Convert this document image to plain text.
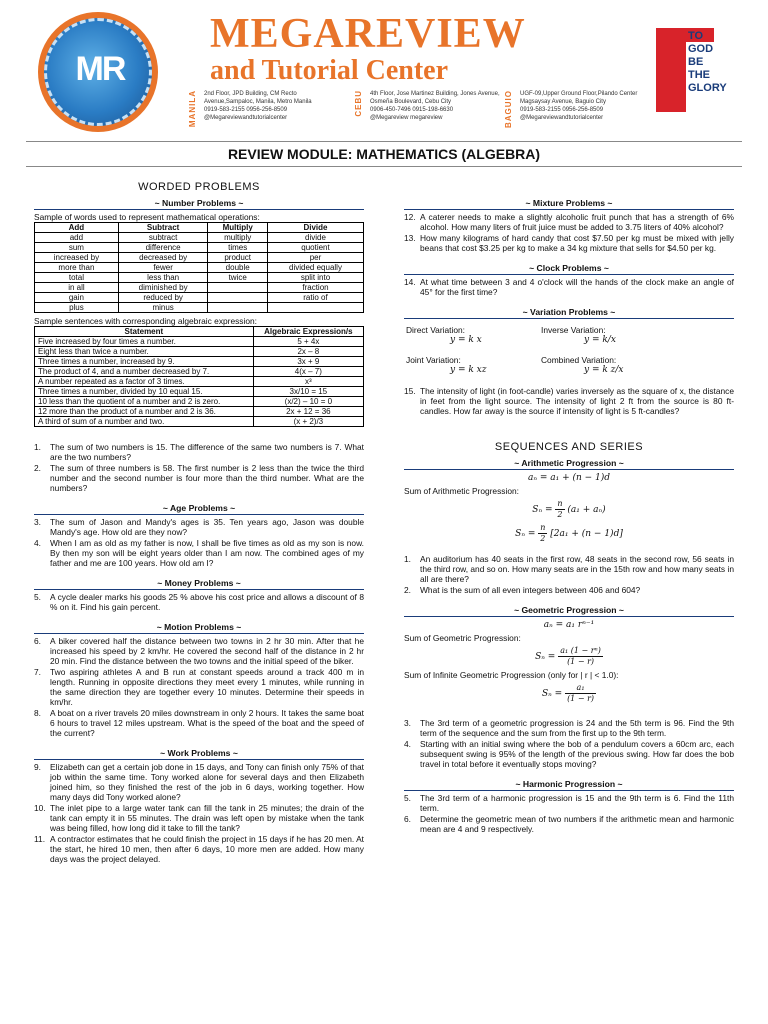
MR
MEGAREVIEW
and Tutorial Center
MANILA 2nd Floor, JPD Building, CM Recto Avenue,Sampaloc, Manila, Metro Manila
0919-583-2155 0956-256-8509
@Megareviewandtutorialcenter
CEBU 4th Floor, Jose Martinez Building, Jones Avenue, Osmeña Boulevard, Cebu City
0906-450-7496 0915-198-6630
@Megareview megareview	BAGUIO UGF-09,Upper Ground Floor,Pilando Center Magsaysay Avenue, Baguio City
0919-583-2155 0956-256-8509
@Megareviewandtutorialcenter
TO
GOD
BE
THE
GLORY
REVIEW MODULE: MATHEMATICS (ALGEBRA)
WORDED PROBLEMS
~ Number Problems ~

Sample of words used to represent mathematical operations:

Add	Subtract	Multiply	Divide
add	subtract	multiply	divide
sum	difference	times	quotient
increased by	decreased by	product	per
more than	fewer	double	divided equally
total	less than	twice	split into
in all	diminished by		fraction
gain	reduced by		ratio of
plus	minus		

Sample sentences with corresponding algebraic expression:

Statement	Algebraic Expression/s
Five increased by four times a number.	5 + 4x
Eight less than twice a number.	2x – 8
Three times a number, increased by 9.	3x + 9
The product of 4, and a number decreased by 7.	4(x – 7)
A number repeated as a factor of 3 times.	x³
Three times a number, divided by 10 equal 15.	3x/10 = 15
10 less than the quotient of a number and 2 is zero.	(x/2) – 10 = 0
12 more than the product of a number and 2 is 36.	2x + 12 = 36
A third of sum of a number and two.	(x + 2)/3
1.	The sum of two numbers is 15. The difference of the same two numbers is 7. What are the two numbers?
2.	The sum of three numbers is 58. The first number is 2 less than the twice the third number and the second number is four more than the third number. What are the numbers?
~ Age Problems ~
3.	The sum of Jason and Mandy's ages is 35. Ten years ago, Jason was double Mandy's age. How old are they now?
4.	When I am as old as my father is now, I shall be five times as old as my son is now. By then my son will be eight years older than I am now. The combined ages of my father and me are 100 years. How old am I?
~ Money Problems ~
5.	A cycle dealer marks his goods 25 % above his cost price and allows a discount of 8 % on it. Find his gain percent.
~ Motion Problems ~
6.	A biker covered half the distance between two towns in 2 hr 30 min. After that he increased his speed by 2 km/hr. He covered the second half of the distance in 2 hr 20 min. Find the distance between the two towns and the initial speed of the biker.
7.	Two aspiring athletes A and B run at constant speeds around a track 400 m in length. Running in opposite directions they meet every 1 minutes, while running in the same direction they are together every 10 minutes. Determine their speeds in km/hr.
8.	A boat on a river travels 20 miles downstream in only 2 hours. It takes the same boat 6 hours to travel 12 miles upstream. What is the speed of the boat and the speed of the current?
~ Work Problems ~
9.	Elizabeth can get a certain job done in 15 days, and Tony can finish only 75% of that job within the same time. Tony worked alone for several days and then Elizabeth joined him, so they finished the rest of the job in 6 days, working together. How many days did Tony worked alone?
10. The inlet pipe to a large water tank can fill the tank in 25 minutes; the drain of the tank can empty it in 55 minutes. The drain was left open by mistake when the tank was being filled, how long did it take to fill the tank?
11. A contractor estimates that he could finish the project in 15 days if he has 20 men. At the start, he hired 10 men, then after 6 days, 10 more men are added. How many days was the project delayed.
~ Mixture Problems ~
12. A caterer needs to make a slightly alcoholic fruit punch that has a strength of 6% alcohol. How many liters of fruit juice must be added to 3.75 liters of 40% alcohol?
13. How many kilograms of hard candy that cost $7.50 per kg must be mixed with jelly beans that cost $3.25 per kg to make a 34 kg mixture that sells for $4.50 per kg.
~ Clock Problems ~
14. At what time between 3 and 4 o'clock will the hands of the clock make an angle of 45° for the first time?
~ Variation Problems ~
Direct Variation:
y = k x
Inverse Variation:
y = k/x
Joint Variation:
y = k xz
Combined Variation:
y = k z/x
15. The intensity of light (in foot-candle) varies inversely as the square of x, the distance in feet from the light source. The intensity of light 2 ft from the source is 80 ft-candles. How far away is the source if intensity of light is 5 ft-candles?
SEQUENCES AND SERIES
~ Arithmetic Progression ~
aₙ = a₁ + (n − 1)d

Sum of Arithmetic Progression:

$S_n = \frac{n}{2} (a_1 + a_n)$
$S_n = \frac{n}{2} [2a_1 + (n - 1)d]$
1.	An auditorium has 40 seats in the first row, 48 seats in the second row, 56 seats in the third row, and so on. How many seats are in the 15th row and how many seats in all are there?
2.	What is the sum of all even integers between 406 and 604?
~ Geometric Progression ~
aₙ = a₁ rⁿ⁻¹

Sum of Geometric Progression:

$S_n = \frac{\text{a₁ (1 − rⁿ)}}{(1 - r)}$

Sum of Infinite Geometric Progression (only for | r | < 1.0):

$S_n = \frac{\text{a₁}}{(1 - r)}$
3.	The 3rd term of a geometric progression is 24 and the 5th term is 96. Find the 9th term of the sequence and the sum from the first up to the 9th term.
4.	Starting with an initial swing where the bob of a pendulum covers a 60cm arc, each subsequent swing is 95% of the length of the previous swing. How far does the bob travel in total before it eventually stops moving?
~ Harmonic Progression ~
5.	The 3rd term of a harmonic progression is 15 and the 9th term is 6. Find the 11th term.
6.	Determine the geometric mean of two numbers if the arithmetic mean and harmonic mean are 4 and 9 respectively.
